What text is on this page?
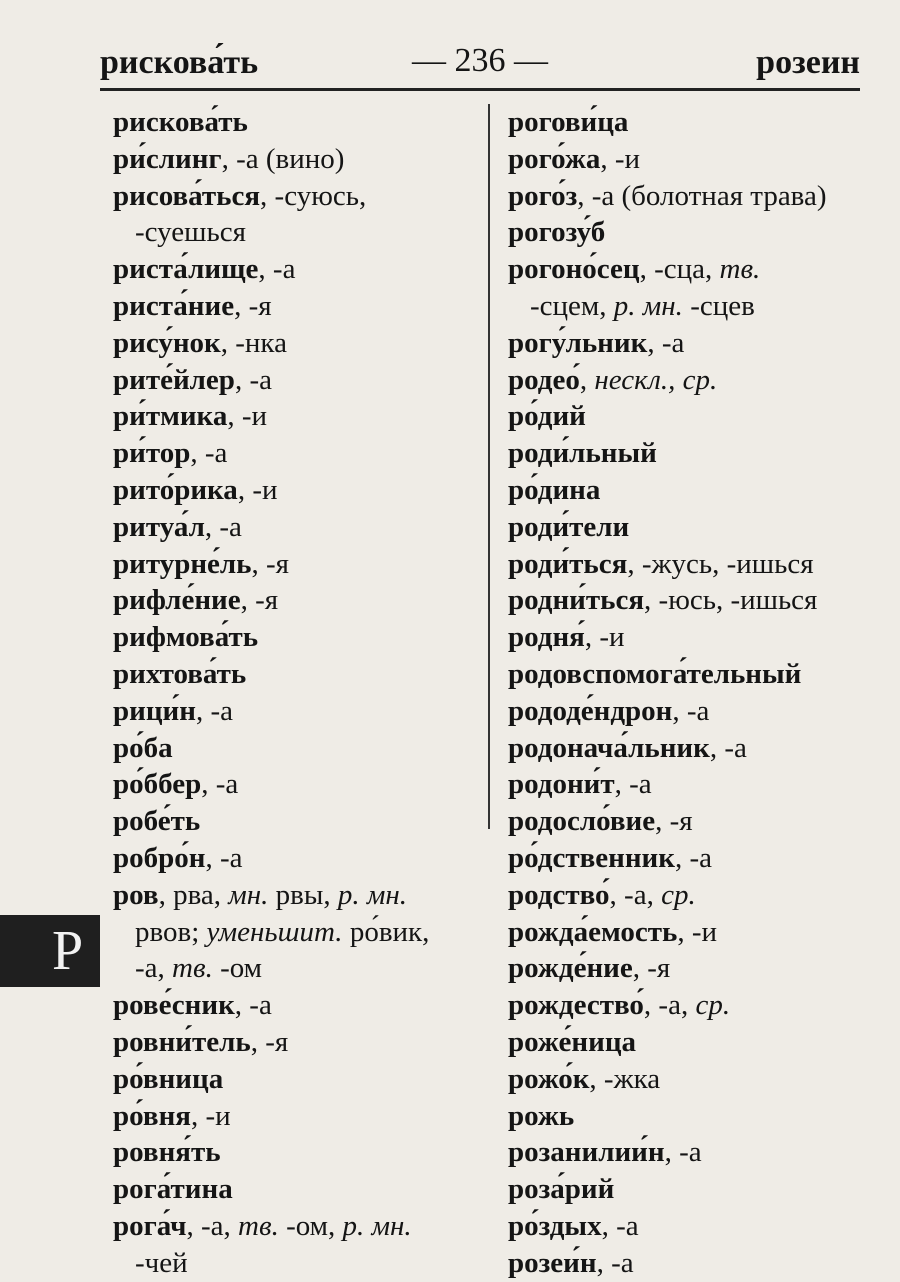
рискова́ть	— 236 —	розеин
рискова́ть
ри́слинг, -а (вино)
рисова́ться, -суюсь,
-суешься
риста́лище, -а
риста́ние, -я
рису́нок, -нка
рите́йлер, -а
ри́тмика, -и
ри́тор, -а
рито́рика, -и
ритуа́л, -а
ритурне́ль, -я
рифле́ние, -я
рифмова́ть
рихтова́ть
рици́н, -а
ро́ба
ро́ббер, -а
робе́ть
робро́н, -а
ров, рва, мн. рвы, р. мн.
рвов; уменьшит. ро́вик,
-а, тв. -ом
рове́сник, -а
ровни́тель, -я
ро́вница
ро́вня, -и
ровня́ть
рога́тина
рога́ч, -а, тв. -ом, р. мн.
-чей
рогови́ца
рого́жа, -и
рого́з, -а (болотная трава)
рогозу́б
рогоно́сец, -сца, тв.
-сцем, р. мн. -сцев
рогу́льник, -а
родео́, нескл., ср.
ро́дий
роди́льный
ро́дина
роди́тели
роди́ться, -жусь, -ишься
родни́ться, -юсь, -ишься
родня́, -и
родовспомога́тельный
рододе́ндрон, -а
родонача́льник, -а
родони́т, -а
родосло́вие, -я
ро́дственник, -а
родство́, -а, ср.
рожда́емость, -и
рожде́ние, -я
рождество́, -а, ср.
роже́ница
рожо́к, -жка
рожь
розанилии́н, -а
роза́рий
ро́здых, -а
розеи́н, -а
Р
